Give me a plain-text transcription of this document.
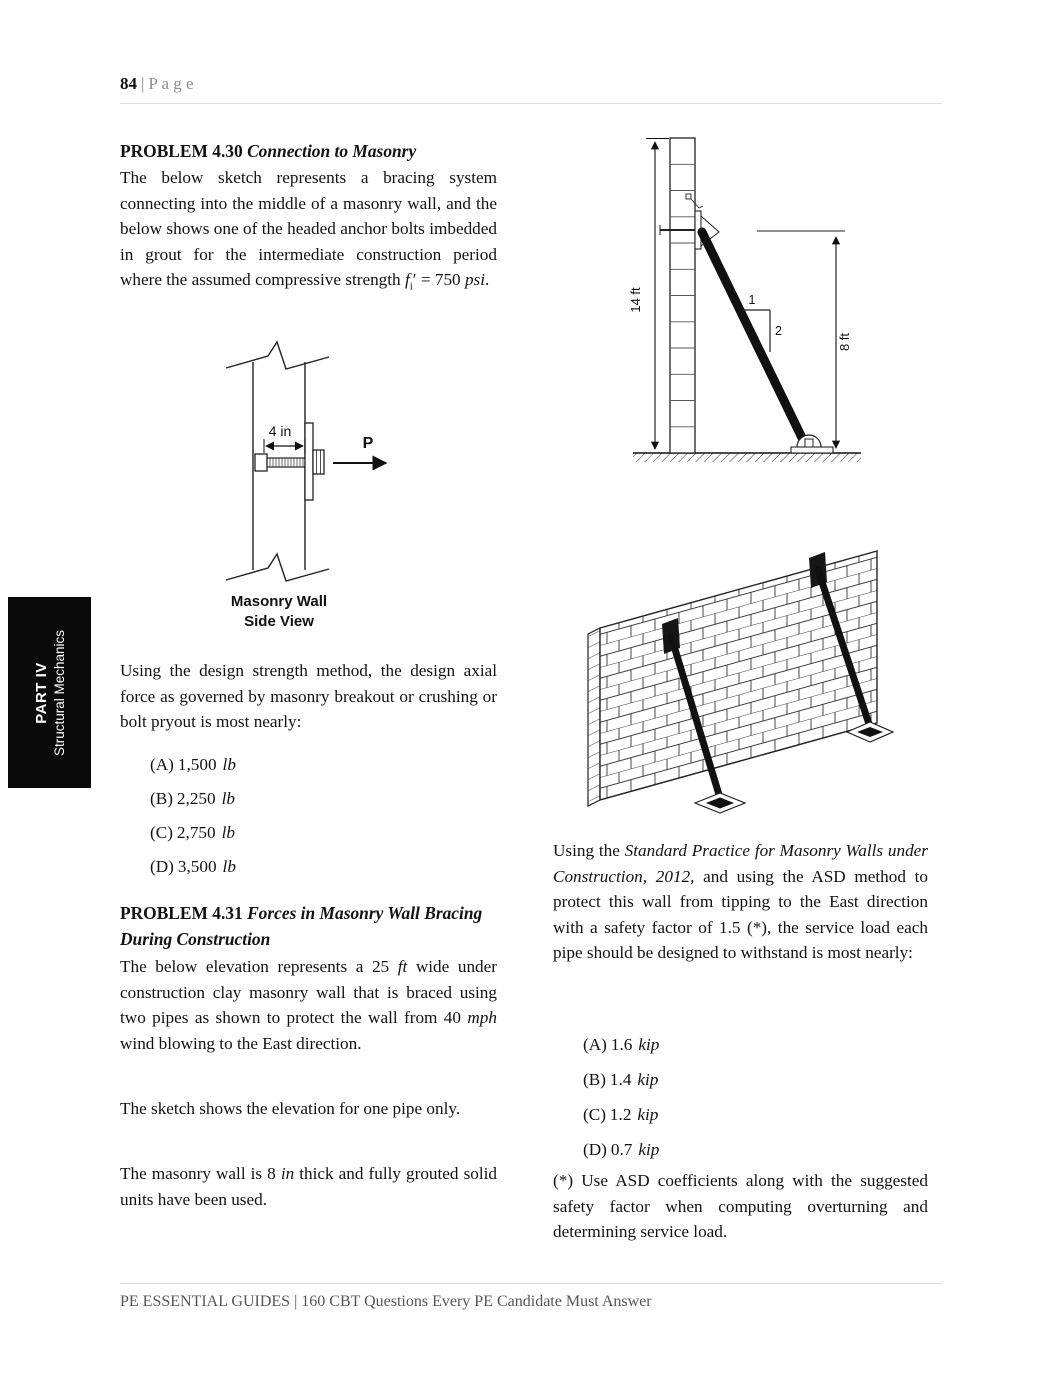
84 | P a g e
PART IV Structural Mechanics
PROBLEM 4.30 Connection to Masonry
The below sketch represents a bracing system connecting into the middle of a masonry wall, and the below shows one of the headed anchor bolts imbedded in grout for the intermediate construction period where the assumed compressive strength $f_i' = 750$ psi.
4 in
P
Masonry Wall
Side View
Using the design strength method, the design axial force as governed by masonry breakout or crushing or bolt pryout is most nearly:
(A) 1,500 lb
(B) 2,250 lb
(C) 2,750 lb
(D) 3,500 lb
PROBLEM 4.31 Forces in Masonry Wall Bracing During Construction
The below elevation represents a 25 ft wide under construction clay masonry wall that is braced using two pipes as shown to protect the wall from 40 mph wind blowing to the East direction.
The sketch shows the elevation for one pipe only.
The masonry wall is 8 in thick and fully grouted solid units have been used.
14 ft	1
2
8 ft
Using the Standard Practice for Masonry Walls under Construction, 2012, and using the ASD method to protect this wall from tipping to the East direction with a safety factor of 1.5 (*), the service load each pipe should be designed to withstand is most nearly:
(A) 1.6 kip
(B) 1.4 kip
(C) 1.2 kip
(D) 0.7 kip
(*) Use ASD coefficients along with the suggested safety factor when computing overturning and determining service load.
PE ESSENTIAL GUIDES | 160 CBT Questions Every PE Candidate Must Answer
